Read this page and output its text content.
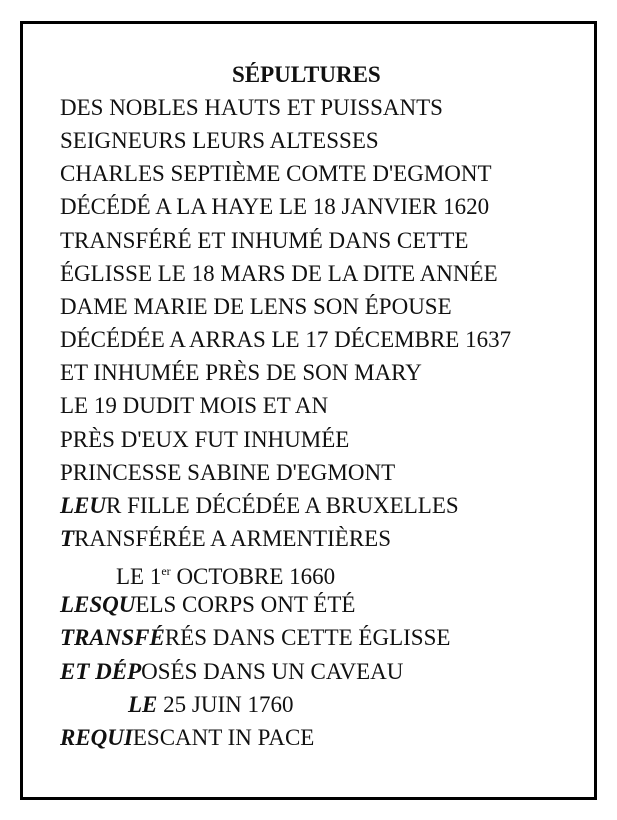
SÉPULTURES
DES NOBLES HAUTS ET PUISSANTS
SEIGNEURS LEURS ALTESSES
CHARLES SEPTIÈME COMTE D'EGMONT
DÉCÉDÉ A LA HAYE LE 18 JANVIER 1620
TRANSFÉRÉ ET INHUMÉ DANS CETTE
ÉGLISSE LE 18 MARS DE LA DITE ANNÉE
DAME MARIE DE LENS SON ÉPOUSE
DÉCÉDÉE A ARRAS LE 17 DÉCEMBRE 1637
ET INHUMÉE PRÈS DE SON MARY
LE 19 DUDIT MOIS ET AN
PRÈS D'EUX FUT INHUMÉE
PRINCESSE SABINE D'EGMONT
LEUR FILLE DÉCÉDÉE A BRUXELLES
TRANSFÉRÉE A ARMENTIÈRES
LE 1er OCTOBRE 1660
LESQUELS CORPS ONT ÉTÉ
TRANSFÉRÉS DANS CETTE ÉGLISSE
ET DÉPOSÉS DANS UN CAVEAU
LE 25 JUIN 1760
REQUIESCANT IN PACE
